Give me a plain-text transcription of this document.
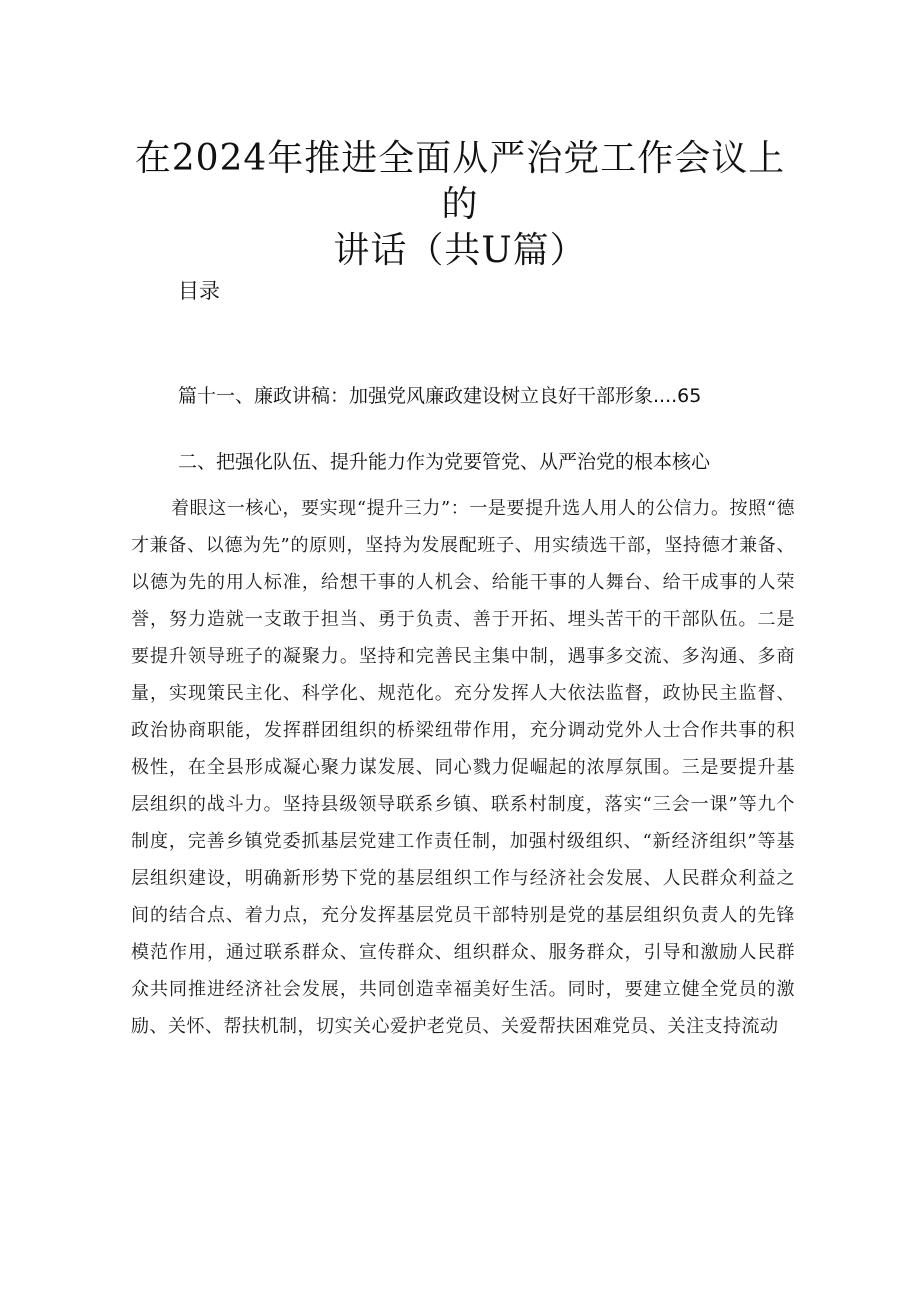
在2024年推进全面从严治党工作会议上的
讲话（共U篇）
目录
篇十一、廉政讲稿：加强党风廉政建设树立良好干部形象....65
二、把强化队伍、提升能力作为党要管党、从严治党的根本核心

着眼这一核心，要实现“提升三力”：一是要提升选人用人的公信力。按照“德才兼备、以德为先”的原则，坚持为发展配班子、用实绩选干部，坚持德才兼备、以德为先的用人标准，给想干事的人机会、给能干事的人舞台、给干成事的人荣誉，努力造就一支敢于担当、勇于负责、善于开拓、埋头苦干的干部队伍。二是要提升领导班子的凝聚力。坚持和完善民主集中制，遇事多交流、多沟通、多商量，实现策民主化、科学化、规范化。充分发挥人大依法监督，政协民主监督、政治协商职能，发挥群团组织的桥梁纽带作用，充分调动党外人士合作共事的积极性，在全县形成凝心聚力谋发展、同心戮力促崛起的浓厚氛围。三是要提升基层组织的战斗力。坚持县级领导联系乡镇、联系村制度，落实“三会一课”等九个制度，完善乡镇党委抓基层党建工作责任制，加强村级组织、“新经济组织”等基层组织建设，明确新形势下党的基层组织工作与经济社会发展、人民群众利益之间的结合点、着力点，充分发挥基层党员干部特别是党的基层组织负责人的先锋模范作用，通过联系群众、宣传群众、组织群众、服务群众，引导和激励人民群众共同推进经济社会发展，共同创造幸福美好生活。同时，要建立健全党员的激励、关怀、帮扶机制，切实关心爱护老党员、关爱帮扶困难党员、关注支持流动
